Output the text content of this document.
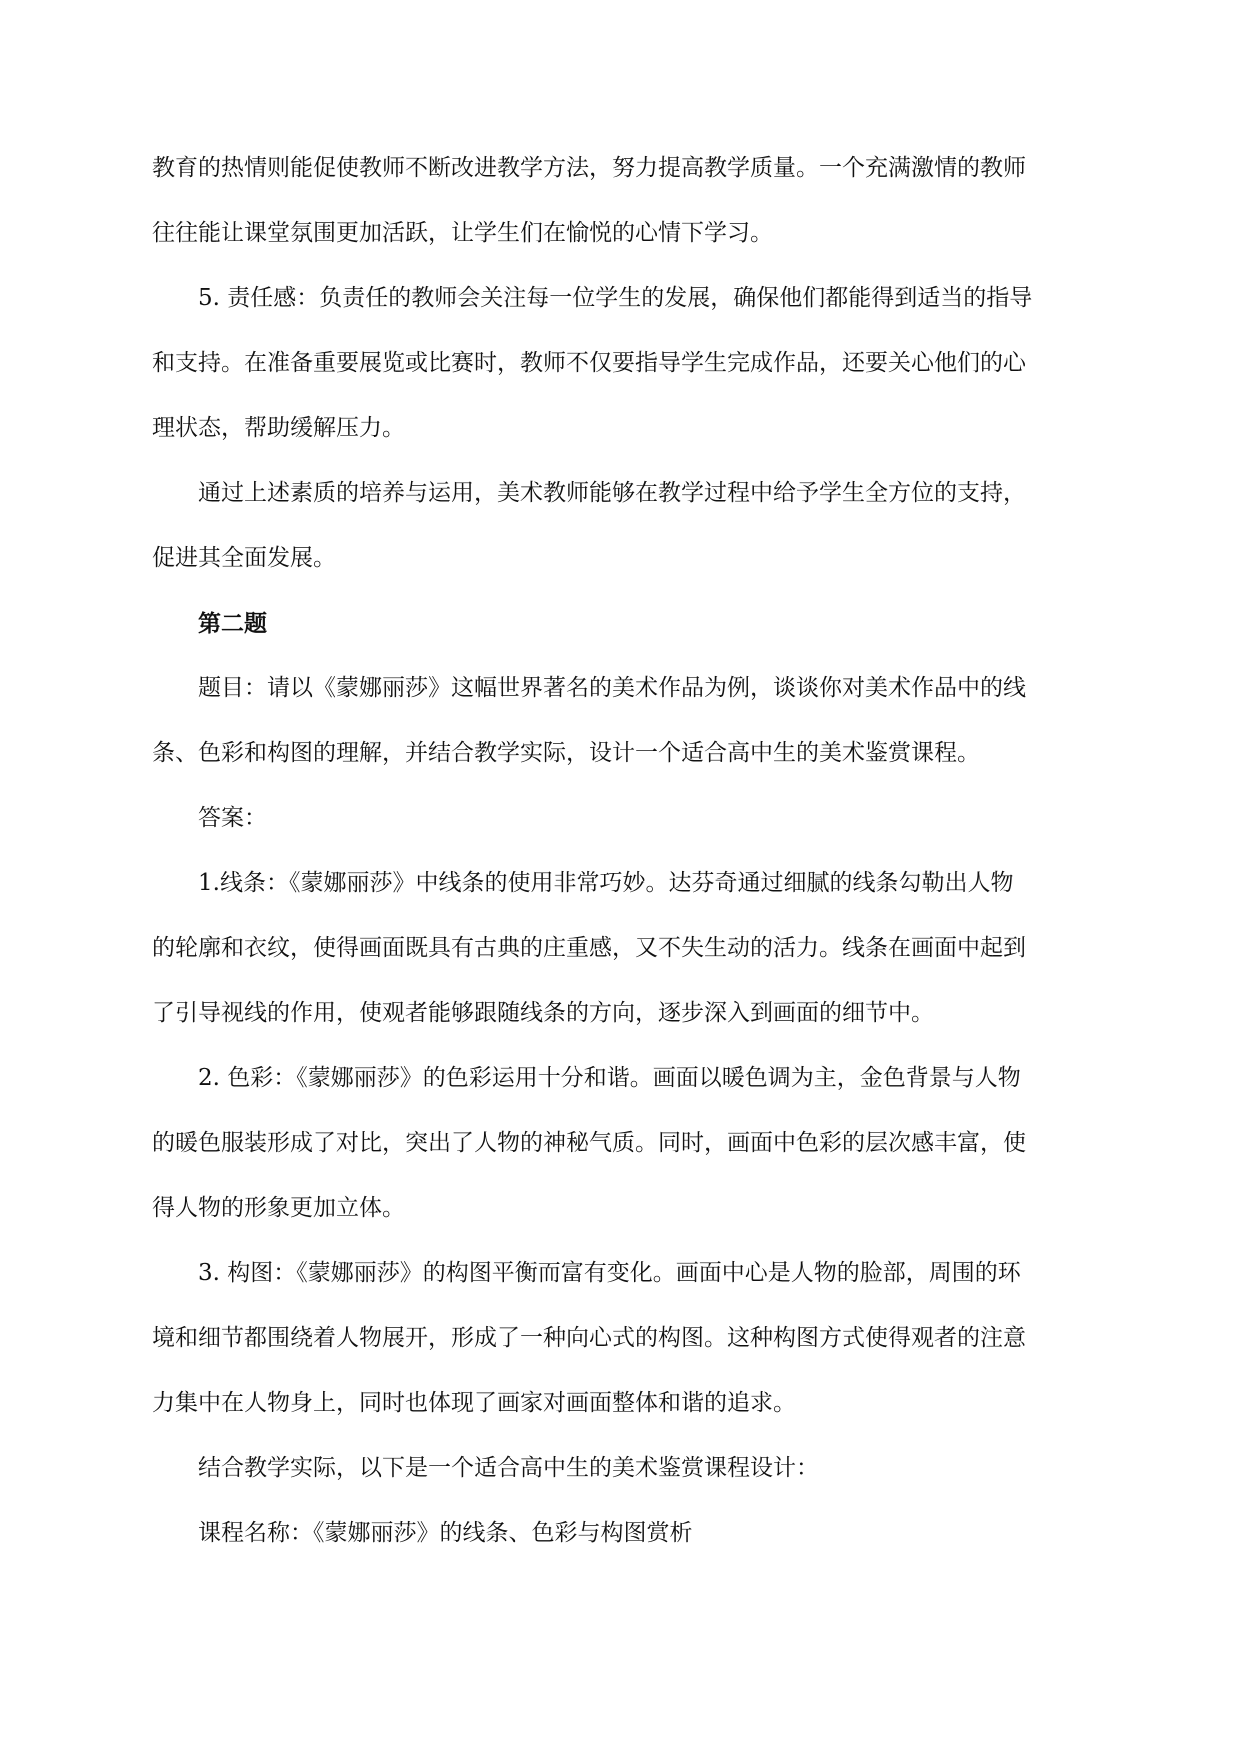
教育的热情则能促使教师不断改进教学方法，努力提高教学质量。一个充满激情的教师
往往能让课堂氛围更加活跃，让学生们在愉悦的心情下学习。

5. 责任感：负责任的教师会关注每一位学生的发展，确保他们都能得到适当的指导
和支持。在准备重要展览或比赛时，教师不仅要指导学生完成作品，还要关心他们的心
理状态，帮助缓解压力。

通过上述素质的培养与运用，美术教师能够在教学过程中给予学生全方位的支持，
促进其全面发展。

第二题

题目：请以《蒙娜丽莎》这幅世界著名的美术作品为例，谈谈你对美术作品中的线
条、色彩和构图的理解，并结合教学实际，设计一个适合高中生的美术鉴赏课程。

答案：

1.线条：《蒙娜丽莎》中线条的使用非常巧妙。达芬奇通过细腻的线条勾勒出人物
的轮廓和衣纹，使得画面既具有古典的庄重感，又不失生动的活力。线条在画面中起到
了引导视线的作用，使观者能够跟随线条的方向，逐步深入到画面的细节中。

2. 色彩：《蒙娜丽莎》的色彩运用十分和谐。画面以暖色调为主，金色背景与人物
的暖色服装形成了对比，突出了人物的神秘气质。同时，画面中色彩的层次感丰富，使
得人物的形象更加立体。

3. 构图：《蒙娜丽莎》的构图平衡而富有变化。画面中心是人物的脸部，周围的环
境和细节都围绕着人物展开，形成了一种向心式的构图。这种构图方式使得观者的注意
力集中在人物身上，同时也体现了画家对画面整体和谐的追求。

结合教学实际，以下是一个适合高中生的美术鉴赏课程设计：

课程名称：《蒙娜丽莎》的线条、色彩与构图赏析
